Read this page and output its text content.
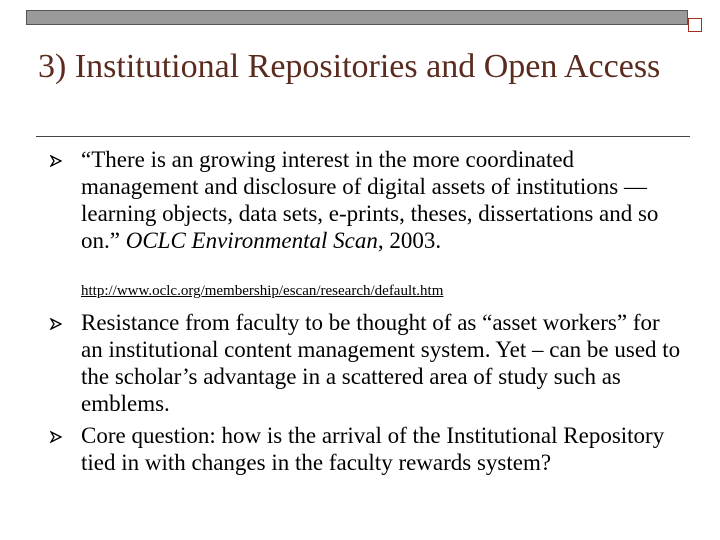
3) Institutional Repositories and Open Access
“There is an growing interest in the more coordinated management and disclosure of digital assets of institutions — learning objects, data sets, e-prints, theses, dissertations and so on.” OCLC Environmental Scan, 2003.
http://www.oclc.org/membership/escan/research/default.htm
Resistance from faculty to be thought of as “asset workers” for an institutional content management system. Yet – can be used to the scholar’s advantage in a scattered area of study such as emblems.
Core question: how is the arrival of the Institutional Repository tied in with changes in the faculty rewards system?
